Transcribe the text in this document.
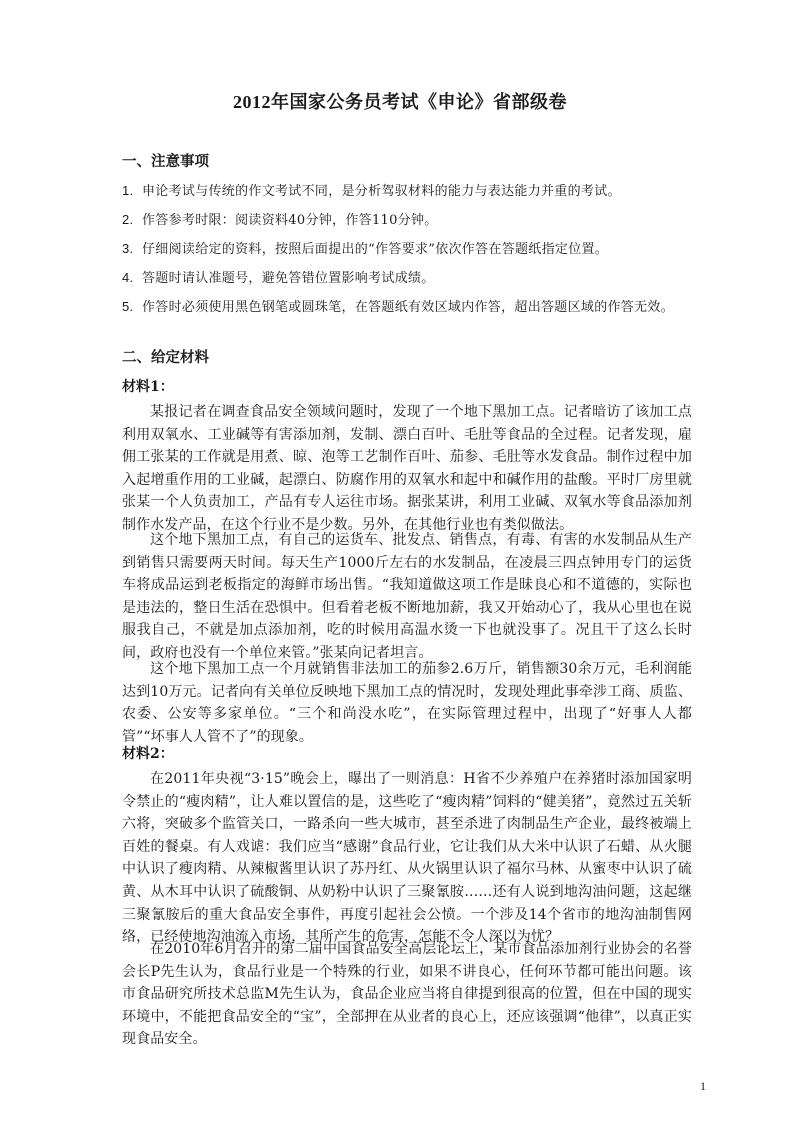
2012年国家公务员考试《申论》省部级卷
一、注意事项
1. 申论考试与传统的作文考试不同，是分析驾驭材料的能力与表达能力并重的考试。
2. 作答参考时限：阅读资料40分钟，作答110分钟。
3. 仔细阅读给定的资料，按照后面提出的“作答要求”依次作答在答题纸指定位置。
4. 答题时请认准题号，避免答错位置影响考试成绩。
5. 作答时必须使用黑色钢笔或圆珠笔，在答题纸有效区域内作答，超出答题区域的作答无效。
二、给定材料
材料1：
某报记者在调查食品安全领域问题时，发现了一个地下黑加工点。记者暗访了该加工点利用双氧水、工业碱等有害添加剂，发制、漂白百叶、毛肚等食品的全过程。记者发现，雇佣工张某的工作就是用煮、晾、泡等工艺制作百叶、茄参、毛肚等水发食品。制作过程中加入起增重作用的工业碱，起漂白、防腐作用的双氧水和起中和碱作用的盐酸。平时厂房里就张某一个人负责加工，产品有专人运往市场。据张某讲，利用工业碱、双氧水等食品添加剂制作水发产品，在这个行业不是少数。另外，在其他行业也有类似做法。
这个地下黑加工点，有自己的运货车、批发点、销售点，有毒、有害的水发制品从生产到销售只需要两天时间。每天生产1000斤左右的水发制品，在凌晨三四点钟用专门的运货车将成品运到老板指定的海鲜市场出售。“我知道做这项工作是昧良心和不道德的，实际也是违法的，整日生活在恐惧中。但看着老板不断地加薪，我又开始动心了，我从心里也在说服我自己，不就是加点添加剂，吃的时候用高温水烫一下也就没事了。况且干了这么长时间，政府也没有一个单位来管。”张某向记者坦言。
这个地下黑加工点一个月就销售非法加工的茄参2.6万斤，销售额30余万元，毛利润能达到10万元。记者向有关单位反映地下黑加工点的情况时，发现处理此事牵涉工商、质监、农委、公安等多家单位。“三个和尚没水吃”，在实际管理过程中，出现了“好事人人都管”“坏事人人管不了”的现象。
材料2：
在2011年央视“3·15”晚会上，曝出了一则消息：H省不少养殖户在养猪时添加国家明令禁止的“瘦肉精”，让人难以置信的是，这些吃了“瘦肉精”饲料的“健美猪”，竟然过五关斩六将，突破多个监管关口，一路杀向一些大城市，甚至杀进了肉制品生产企业，最终被端上百姓的餐桌。有人戏谑：我们应当“感谢”食品行业，它让我们从大米中认识了石蜡、从火腿中认识了瘦肉精、从辣椒酱里认识了苏丹红、从火锅里认识了福尔马林、从蜜枣中认识了硫黄、从木耳中认识了硫酸铜、从奶粉中认识了三聚氰胺……还有人说到地沟油问题，这起继三聚氰胺后的重大食品安全事件，再度引起社会公愤。一个涉及14个省市的地沟油制售网络，已经使地沟油流入市场，其所产生的危害，怎能不令人深以为忧？
在2010年6月召开的第二届中国食品安全高层论坛上，某市食品添加剂行业协会的名誉会长P先生认为，食品行业是一个特殊的行业，如果不讲良心，任何环节都可能出问题。该市食品研究所技术总监M先生认为，食品企业应当将自律提到很高的位置，但在中国的现实环境中，不能把食品安全的“宝”，全部押在从业者的良心上，还应该强调“他律”，以真正实现食品安全。
1
